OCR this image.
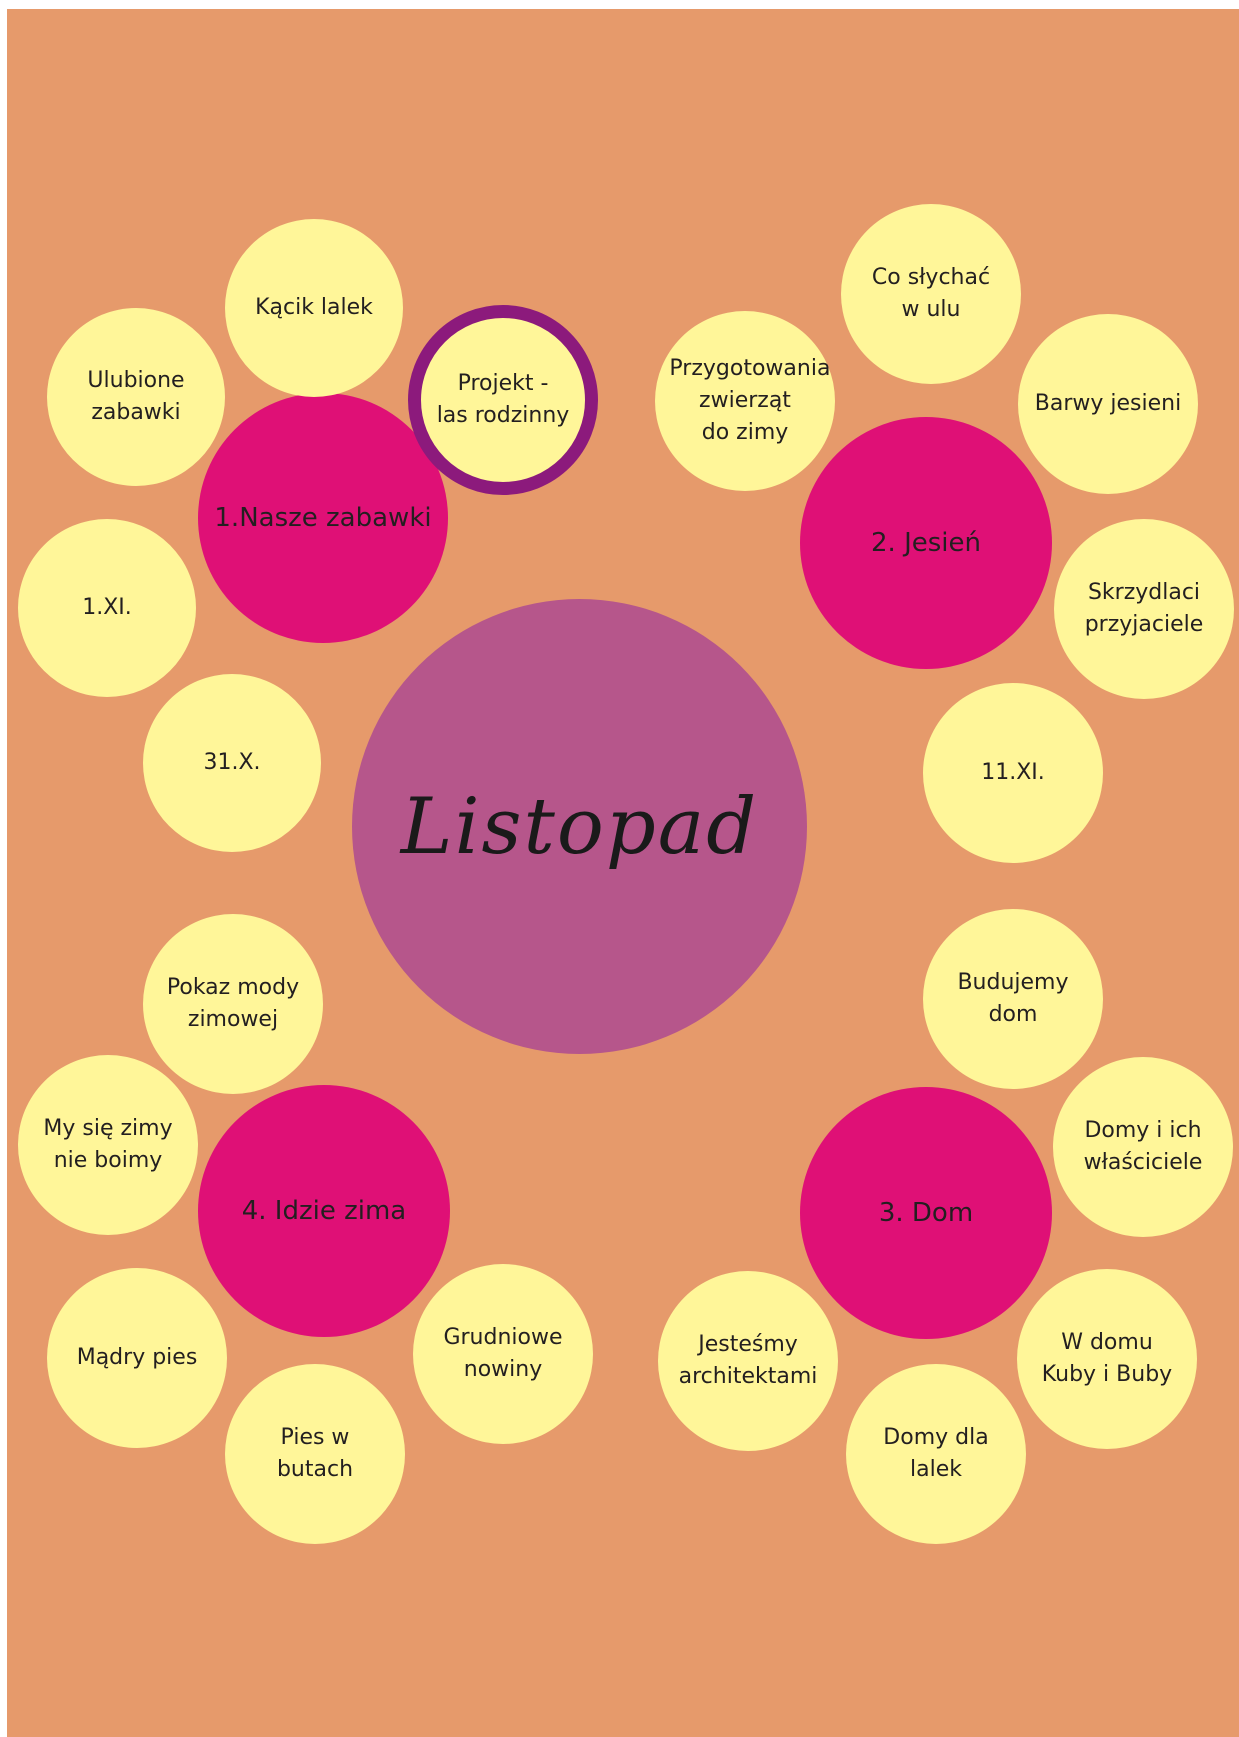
Listopad
1.Nasze zabawki
Kącik lalek
Ulubione
zabawki
1.XI.
31.X.
Projekt -
las rodzinny
2. Jesień
Co słychać
w ulu
Przygotowania
zwierząt
do zimy
Barwy jesieni
Skrzydlaci
przyjaciele
11.XI.
3. Dom
Budujemy dom
Domy i ich
właściciele
W domu
Kuby i Buby
Domy dla lalek
Jesteśmy
architektami
4. Idzie zima
Pokaz mody
zimowej
My się zimy
nie boimy
Mądry pies
Pies w butach
Grudniowe
nowiny
